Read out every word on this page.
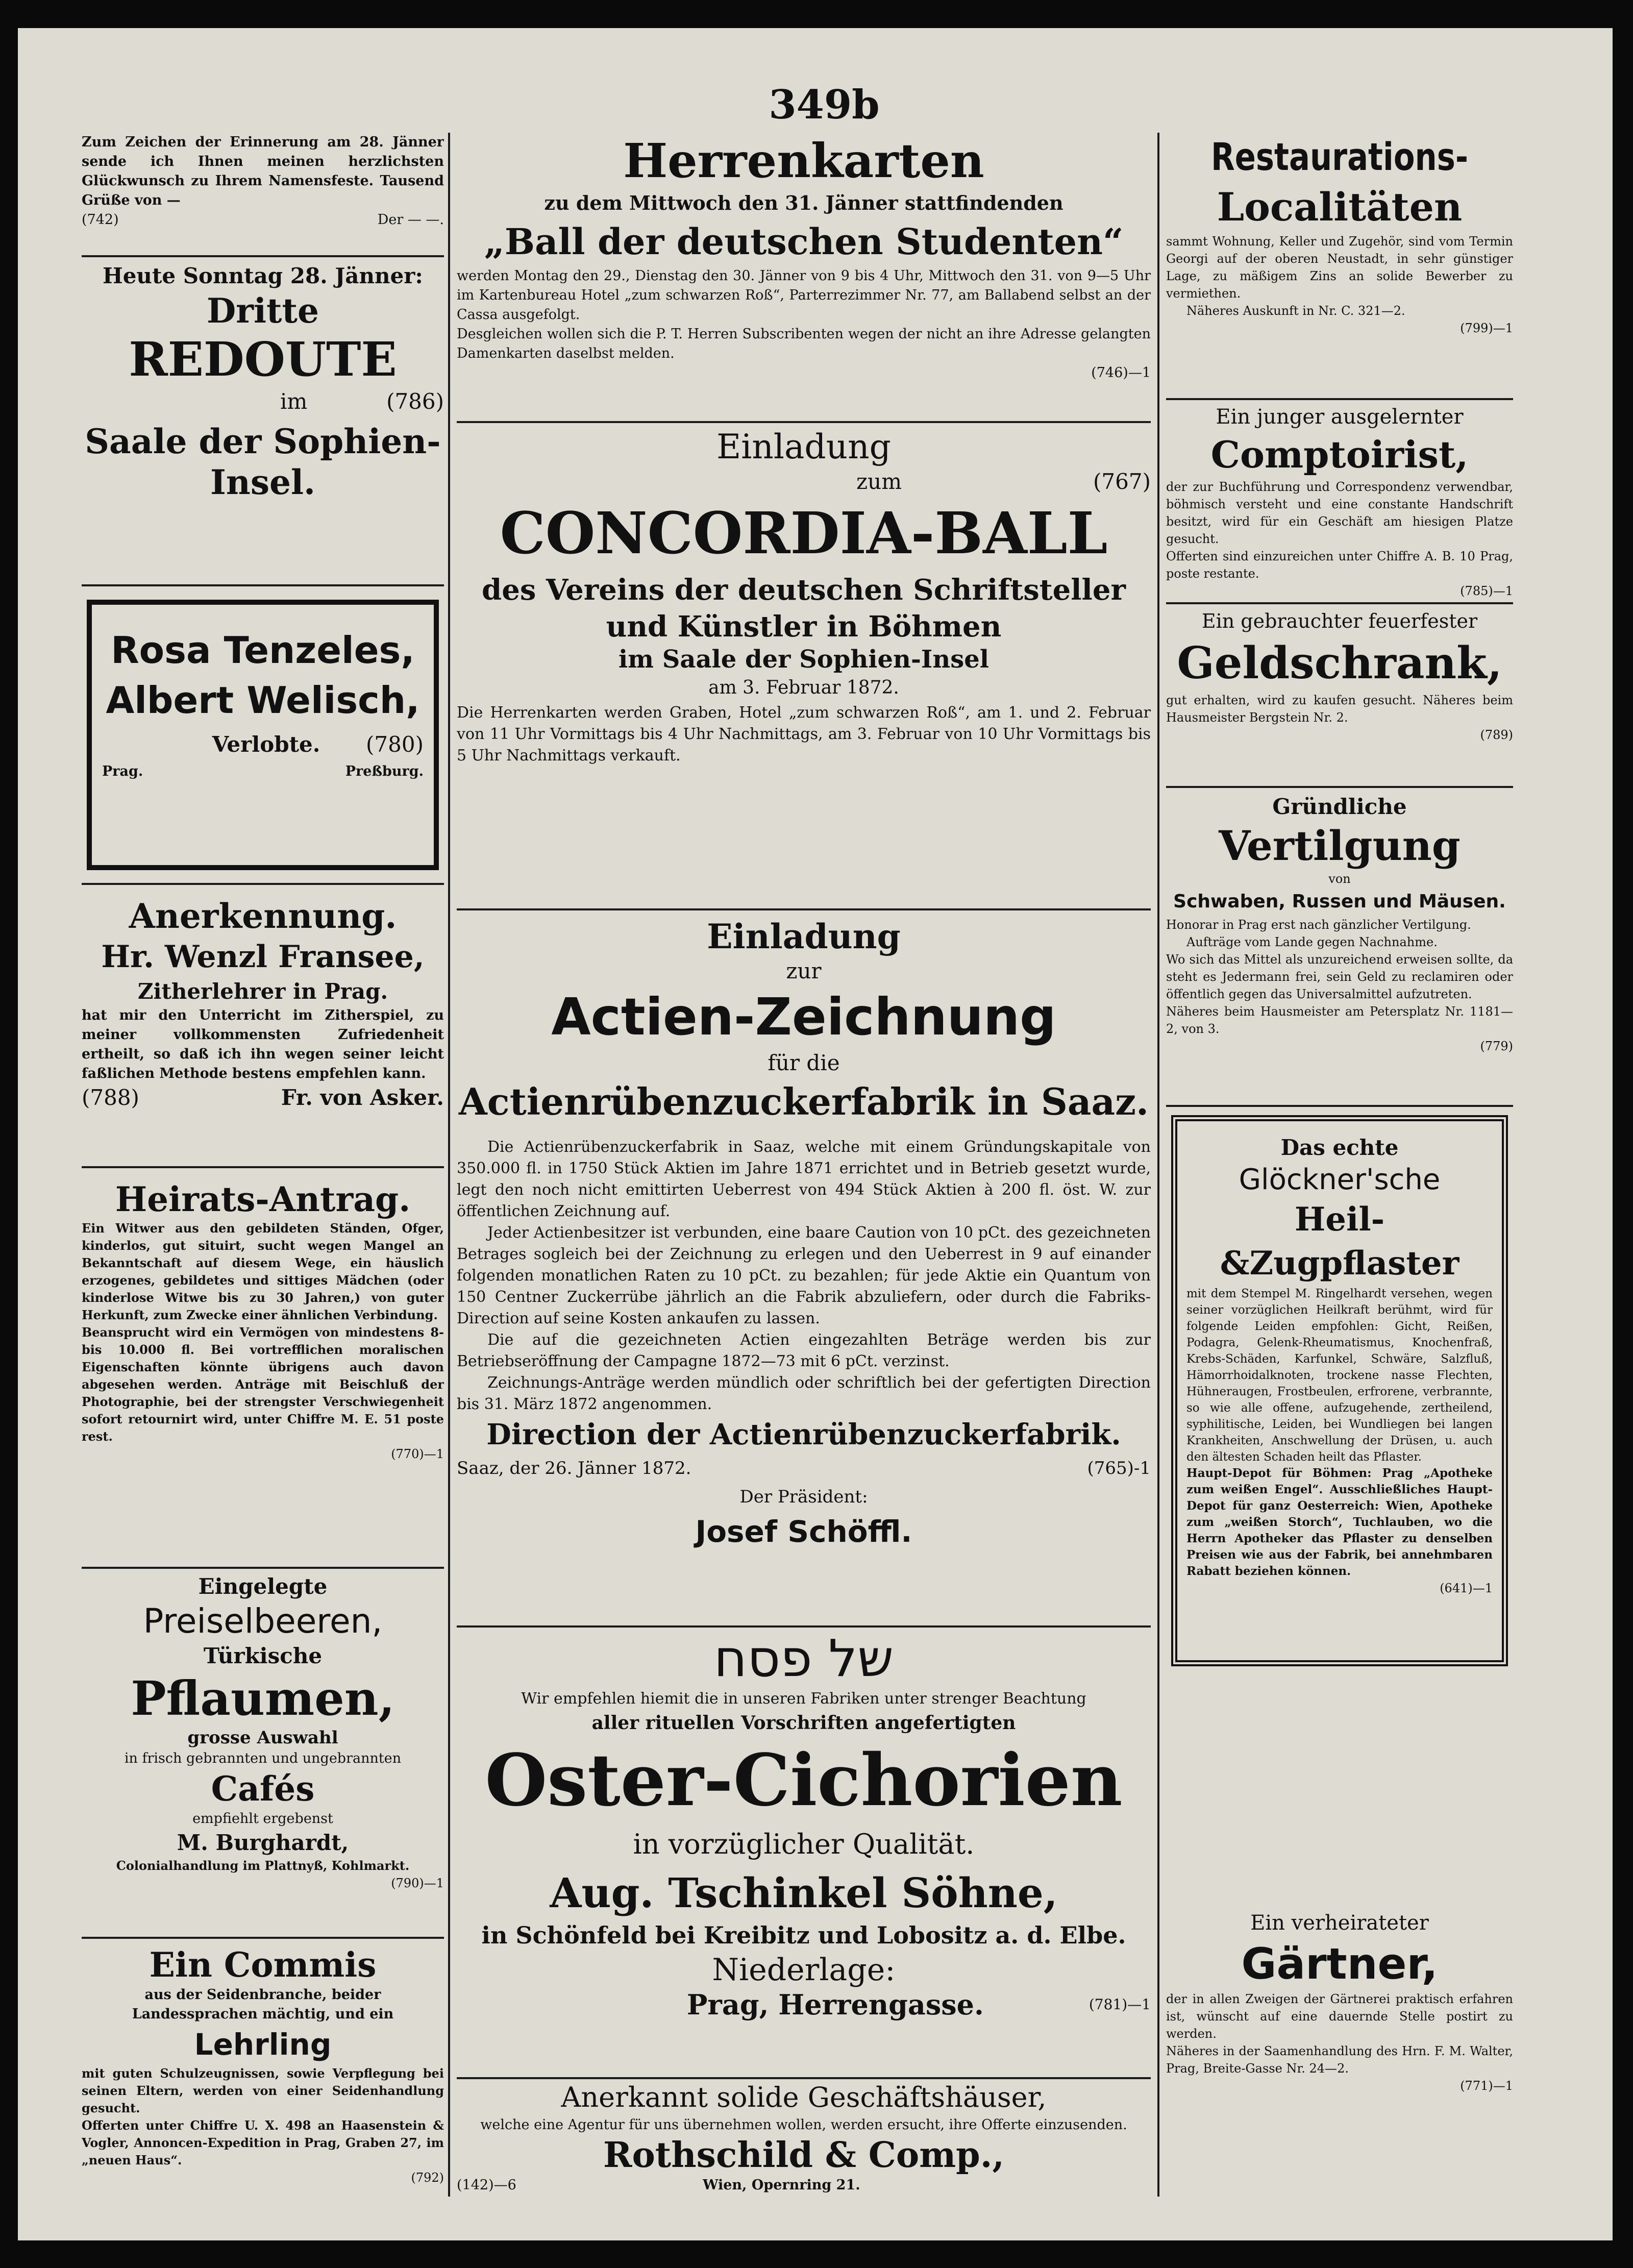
349b

Zum Zeichen der Erinnerung am 28. Jänner sende ich Ihnen meinen herzlichsten Glückwunsch zu Ihrem Namensfeste. Tausend Grüße von —

(742)	Der — —.
Heute Sonntag 28. Jänner:
Dritte
REDOUTE
im	(786)
Saale der Sophien-Insel.
Rosa Tenzeles,
Albert Welisch,
Verlobte. (780)
Prag.	Preßburg.
Anerkennung.
Hr. Wenzl Fransee,
Zitherlehrer in Prag.

hat mir den Unterricht im Zitherspiel, zu meiner vollkommensten Zufriedenheit ertheilt, so daß ich ihn wegen seiner leicht faßlichen Methode bestens empfehlen kann.

(788)	Fr. von Asker.
Heirats-Antrag.

Ein Witwer aus den gebildeten Ständen, Ofger, kinderlos, gut situirt, sucht wegen Mangel an Bekanntschaft auf diesem Wege, ein häuslich erzogenes, gebildetes und sittiges Mädchen (oder kinderlose Witwe bis zu 30 Jahren,) von guter Herkunft, zum Zwecke einer ähnlichen Verbindung.

Beansprucht wird ein Vermögen von mindestens 8- bis 10.000 fl. Bei vortrefflichen moralischen Eigenschaften könnte übrigens auch davon abgesehen werden. Anträge mit Beischluß der Photographie, bei der strengster Verschwiegenheit sofort retournirt wird, unter Chiffre M. E. 51 poste rest.

(770)—1
Eingelegte
Preiselbeeren,
Türkische
Pflaumen,
grosse Auswahl
in frisch gebrannten und ungebrannten
Cafés
empfiehlt ergebenst
M. Burghardt,
Colonialhandlung im Plattnyß, Kohlmarkt.
(790)—1
Ein Commis
aus der Seidenbranche, beider Landessprachen mächtig, und ein
Lehrling

mit guten Schulzeugnissen, sowie Verpflegung bei seinen Eltern, werden von einer Seidenhandlung gesucht.

Offerten unter Chiffre U. X. 498 an Haasenstein & Vogler, Annoncen-Expedition in Prag, Graben 27, im „neuen Haus“.

(792)
Herrenkarten
zu dem Mittwoch den 31. Jänner stattfindenden
„Ball der deutschen Studenten“

werden Montag den 29., Dienstag den 30. Jänner von 9 bis 4 Uhr, Mittwoch den 31. von 9—5 Uhr im Kartenbureau Hotel „zum schwarzen Roß“, Parterrezimmer Nr. 77, am Ballabend selbst an der Cassa ausgefolgt.

Desgleichen wollen sich die P. T. Herren Subscribenten wegen der nicht an ihre Adresse gelangten Damenkarten daselbst melden.

(746)—1
Einladung
zum	(767)
CONCORDIA-BALL
des Vereins der deutschen Schriftsteller und Künstler in Böhmen
im Saale der Sophien-Insel
am 3. Februar 1872.

Die Herrenkarten werden Graben, Hotel „zum schwarzen Roß“, am 1. und 2. Februar von 11 Uhr Vormittags bis 4 Uhr Nachmittags, am 3. Februar von 10 Uhr Vormittags bis 5 Uhr Nachmittags verkauft.

Einladung
zur
Actien-Zeichnung
für die
Actienrübenzuckerfabrik in Saaz.

Die Actienrübenzuckerfabrik in Saaz, welche mit einem Gründungskapitale von 350.000 fl. in 1750 Stück Aktien im Jahre 1871 errichtet und in Betrieb gesetzt wurde, legt den noch nicht emittirten Ueberrest von 494 Stück Aktien à 200 fl. öst. W. zur öffentlichen Zeichnung auf.

Jeder Actienbesitzer ist verbunden, eine baare Caution von 10 pCt. des gezeichneten Betrages sogleich bei der Zeichnung zu erlegen und den Ueberrest in 9 auf einander folgenden monatlichen Raten zu 10 pCt. zu bezahlen; für jede Aktie ein Quantum von 150 Centner Zuckerrübe jährlich an die Fabrik abzuliefern, oder durch die Fabriks-Direction auf seine Kosten ankaufen zu lassen.

Die auf die gezeichneten Actien eingezahlten Beträge werden bis zur Betriebseröffnung der Campagne 1872—73 mit 6 pCt. verzinst.

Zeichnungs-Anträge werden mündlich oder schriftlich bei der gefertigten Direction bis 31. März 1872 angenommen.

Direction der Actienrübenzuckerfabrik.
Saaz, der 26. Jänner 1872.	(765)-1
Der Präsident:
Josef Schöffl.
של פסח
Wir empfehlen hiemit die in unseren Fabriken unter strenger Beachtung
aller rituellen Vorschriften angefertigten
Oster-Cichorien
in vorzüglicher Qualität.
Aug. Tschinkel Söhne,
in Schönfeld bei Kreibitz und Lobositz a. d. Elbe.
Niederlage:
Prag, Herrengasse.	(781)—1
Anerkannt solide Geschäftshäuser,
welche eine Agentur für uns übernehmen wollen, werden ersucht, ihre Offerte einzusenden.
Rothschild & Comp.,
(142)—6	Wien, Opernring 21.
Restaurations-
Localitäten

sammt Wohnung, Keller und Zugehör, sind vom Termin Georgi auf der oberen Neustadt, in sehr günstiger Lage, zu mäßigem Zins an solide Bewerber zu vermiethen.

Näheres Auskunft in Nr. C. 321—2.

(799)—1
Ein junger ausgelernter
Comptoirist,

der zur Buchführung und Correspondenz verwendbar, böhmisch versteht und eine constante Handschrift besitzt, wird für ein Geschäft am hiesigen Platze gesucht.

Offerten sind einzureichen unter Chiffre A. B. 10 Prag, poste restante.

(785)—1
Ein gebrauchter feuerfester
Geldschrank,

gut erhalten, wird zu kaufen gesucht. Näheres beim Hausmeister Bergstein Nr. 2.

(789)
Gründliche
Vertilgung
von
Schwaben, Russen und Mäusen.

Honorar in Prag erst nach gänzlicher Vertilgung.

Aufträge vom Lande gegen Nachnahme.

Wo sich das Mittel als unzureichend erweisen sollte, da steht es Jedermann frei, sein Geld zu reclamiren oder öffentlich gegen das Universalmittel aufzutreten.

Näheres beim Hausmeister am Petersplatz Nr. 1181—2, von 3.

(779)
Das echte
Glöckner'sche
Heil-&Zugpflaster

mit dem Stempel M. Ringelhardt versehen, wegen seiner vorzüglichen Heilkraft berühmt, wird für folgende Leiden empfohlen: Gicht, Reißen, Podagra, Gelenk-Rheumatismus, Knochenfraß, Krebs-Schäden, Karfunkel, Schwäre, Salzfluß, Hämorrhoidalknoten, trockene nasse Flechten, Hühneraugen, Frostbeulen, erfrorene, verbrannte, so wie alle offene, aufzugehende, zertheilend, syphilitische, Leiden, bei Wundliegen bei langen Krankheiten, Anschwellung der Drüsen, u. auch den ältesten Schaden heilt das Pflaster.

Haupt-Depot für Böhmen: Prag „Apotheke zum weißen Engel“. Ausschließliches Haupt-Depot für ganz Oesterreich: Wien, Apotheke zum „weißen Storch“, Tuchlauben, wo die Herrn Apotheker das Pflaster zu denselben Preisen wie aus der Fabrik, bei annehmbaren Rabatt beziehen können.

(641)—1
Ein verheirateter
Gärtner,

der in allen Zweigen der Gärtnerei praktisch erfahren ist, wünscht auf eine dauernde Stelle postirt zu werden.

Näheres in der Saamenhandlung des Hrn. F. M. Walter, Prag, Breite-Gasse Nr. 24—2.

(771)—1
